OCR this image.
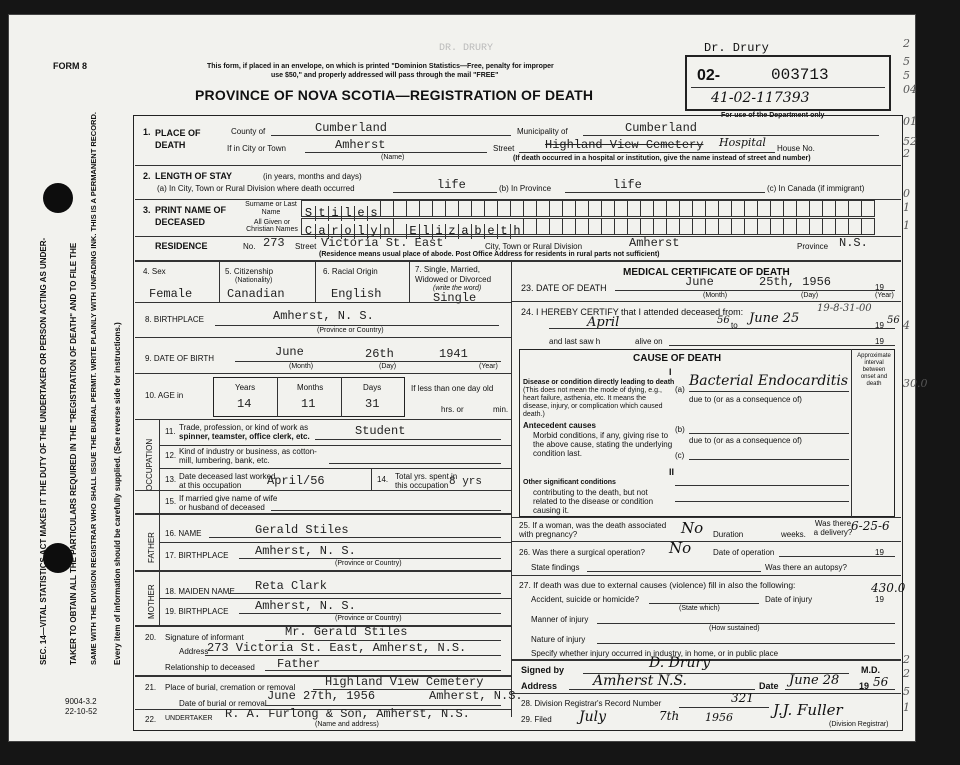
FORM 8	This form, if placed in an envelope, on which is printed "Dominion Statistics—Free, penalty for improper
use $50," and properly addressed will pass through the mail "FREE"
DR. DRURY
PROVINCE OF NOVA SCOTIA—REGISTRATION OF DEATH
Dr. Drury
02-	003713
41-02-117393
For use of the Department only
SEC. 14—VITAL STATISTICS ACT MAKES IT THE DUTY OF THE UNDERTAKER OR PERSON ACTING AS UNDER-	TAKER TO OBTAIN ALL THE PARTICULARS REQUIRED IN THE "REGISTRATION OF DEATH" AND TO FILE THE SAME WITH THE DIVISION REGISTRAR WHO SHALL ISSUE THE BURIAL PERMIT. WRITE PLAINLY WITH UNFADING INK. THIS IS A PERMANENT RECORD. Every item of information should be carefully supplied. (See reverse side for instructions.)
9004-3.2
22-10-52
1. PLACE OF DEATH
County of	Cumberland	Municipality of	Cumberland
If in City or Town	Amherst
(Name)
Street	Highland View Cemetery Hospital House No.
(If death occurred in a hospital or institution, give the name instead of street and number)
2. LENGTH OF STAY	(in years, months and days)
(a) In City, Town or Rural Division where death occurred	life	(b) In Province	life	(c) In Canada (if immigrant)
3. PRINT NAME OF DECEASED
Surname or Last Name	S t i l e s
All Given or Christian Names C a r o l y n E l i z a b e t h
RESIDENCE	No. 273 Street Victoria St. East	City, Town or Rural Division	Amherst	Province N.S.
(Residence means usual place of abode. Post Office Address for residents in rural parts not sufficient)
4. Sex
Female
5. Citizenship
(Nationality)
Canadian
6. Racial Origin
English
7. Single, Married, Widowed or Divorced
(write the word)
Single
8. BIRTHPLACE	Amherst, N. S.
(Province or Country)
9. DATE OF BIRTH	June	26th	1941
(Month)	(Day)	(Year)
10. AGE in
Years	Months	Days
14	11	31
If less than one day old
hrs. or	min.
OCCUPATION
11. Trade, profession, or kind of work as
spinner, teamster, office clerk, etc.	Student
12. Kind of industry or business, as cotton-
mill, lumbering, bank, etc.
13. Date deceased last worked
at this occupation April/56	14. Total yrs. spent in
this occupation 8 yrs
15. If married give name of wife
or husband of deceased
FATHER
MOTHER
16. NAME	Gerald Stiles
17. BIRTHPLACE Amherst, N. S.
(Province or Country)
18. MAIDEN NAME Reta Clark
19. BIRTHPLACE Amherst, N. S.
(Province or Country)
20. Signature of informant	Mr. Gerald Stiles
Address
273 Victoria St. East, Amherst, N.S.
Relationship to deceased Father
21. Place of burial, cremation or removal Highland View Cemetery
Date of burial or removal
June 27th, 1956	Amherst, N.S.
22. UNDERTAKER R. A. Furlong & Son, Amherst, N.S.
(Name and address)
MEDICAL CERTIFICATE OF DEATH
23. DATE OF DEATH	June	25th, 1956	19
(Month)	(Day)	(Year)
24. I HEREBY CERTIFY that I attended deceased from:
April	56 to June 25	19 56
and last saw h	alive on	19
19-8-31-00
CAUSE OF DEATH	Approximate interval between onset and death
I
Disease or condition directly leading to death
(This does not mean the mode of dying, e.g., heart failure, asthenia, etc. It means the disease, injury, or complication which caused death.)
(a)
Bacterial Endocarditis
due to (or as a consequence of)
Antecedent causes
Morbid conditions, if any, giving rise to the above cause, stating the underlying condition last.
(b)
due to (or as a consequence of)
(c)
II
Other significant conditions
contributing to the death, but not related to the disease or condition causing it.
25. If a woman, was the death associated with pregnancy?	No Duration	weeks.
Was there a delivery?
6-25-6
26. Was there a surgical operation? No	Date of operation	19
State findings	Was there an autopsy?
27. If death was due to external causes (violence) fill in also the following:
Accident, suicide or homicide?
(State which)
Date of injury	19
430.0
Manner of injury
(How sustained)
Nature of injury
Specify whether injury occurred in industry, in home, or in public place
Signed by	D. Drury	M.D.
Address	Amherst N.S.	Date June 28 19 56
28. Division Registrar's Record Number	321
29. Filed July	7th 1956	J.J. Fuller
(Division Registrar)
2
5
5
04
01
52
2
0
1
1
4
30.0
2
2
5
1
